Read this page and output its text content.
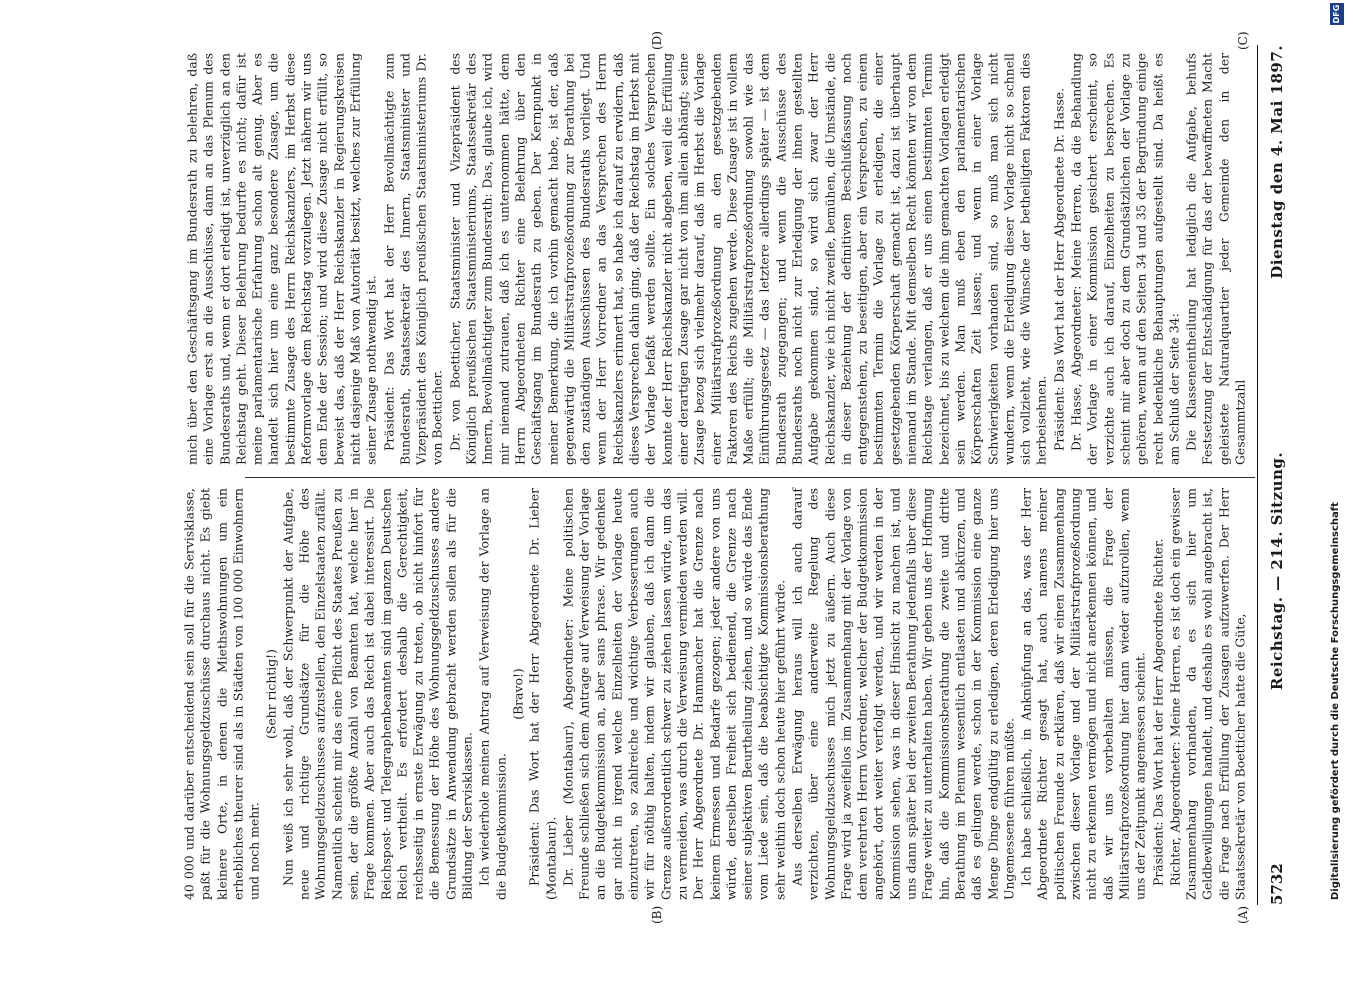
5732
Reichstag. — 214. Sitzung.
Dienstag den 4. Mai 1897.
(A)
(B)
(C)
(D)

40 000 und darüber entscheidend sein soll für die Servisklasse, paßt für die Wohnungsgeldzuschüsse durchaus nicht. Es giebt kleinere Orte, in denen die Miethswohnungen um ein erhebliches theurer sind als in Städten von 100 000 Einwohnern und noch mehr.

(Sehr richtig!) Nun weiß ich sehr wohl, daß der Schwerpunkt der Aufgabe, neue und richtige Grundsätze für die Höhe des Wohnungsgeldzuschusses aufzustellen, den Einzelstaaten zufällt. Namentlich scheint mir das eine Pflicht des Staates Preußen zu sein, der die größte Anzahl von Beamten hat, welche hier in Frage kommen. Aber auch das Reich ist dabei interessirt. Die Reichspost- und Telegraphenbeamten sind im ganzen Deutschen Reich vertheilt. Es erfordert deshalb die Gerechtigkeit, reichsseitig in ernste Erwägung zu treten, ob nicht hinfort für die Bemessung der Höhe des Wohnungsgeldzuschusses andere Grundsätze in Anwendung gebracht werden sollen als für die Bildung der Servisklassen. Ich wiederhole meinen Antrag auf Verweisung der Vorlage an die Budgetkommission.

(Bravo!) Präsident: Das Wort hat der Herr Abgeordnete Dr. Lieber (Montabaur). Dr. Lieber (Montabaur), Abgeordneter: Meine politischen Freunde schließen sich dem Antrage auf Verweisung der Vorlage an die Budgetkommission an, aber sans phrase. Wir gedenken gar nicht in irgend welche Einzelheiten der Vorlage heute einzutreten, so zahlreiche und wichtige Verbesserungen auch wir für nöthig halten, indem wir glauben, daß ich dann die Grenze außerordentlich schwer zu ziehen lassen würde, um das zu vermeiden, was durch die Verweisung vermieden werden will. Der Herr Abgeordnete Dr. Hammacher hat die Grenze nach keinem Ermessen und Bedarfe gezogen; jeder andere von uns würde, derselben Freiheit sich bedienend, die Grenze nach seiner subjektiven Beurtheilung ziehen, und so würde das Ende vom Liede sein, daß die beabsichtigte Kommissionsberathung sehr weithin doch schon heute hier geführt würde. Aus derselben Erwägung heraus will ich auch darauf verzichten, über eine anderweite Regelung des Wohnungsgeldzuschusses mich jetzt zu äußern. Auch diese Frage wird ja zweifellos im Zusammenhang mit der Vorlage von dem verehrten Herrn Vorredner, welcher der Budgetkommission angehört, dort weiter verfolgt werden, und wir werden in der Kommission sehen, was in dieser Hinsicht zu machen ist, und uns dann später bei der zweiten Berathung jedenfalls über diese Frage weiter zu unterhalten haben. Wir geben uns der Hoffnung hin, daß die Kommissionsberathung die zweite und dritte Berathung im Plenum wesentlich entlasten und abkürzen, und daß es gelingen werde, schon in der Kommission eine ganze Menge Dinge endgültig zu erledigen, deren Erledigung hier uns Ungemessene führen müßte. Ich habe schließlich, in Anknüpfung an das, was der Herr Abgeordnete Richter gesagt hat, auch namens meiner politischen Freunde zu erklären, daß wir einen Zusammenhang zwischen dieser Vorlage und der Militärstrafprozeßordnung nicht zu erkennen vermögen und nicht anerkennen können, und daß wir uns vorbehalten müssen, die Frage der Militärstrafprozeßordnung hier dann wieder aufzurollen, wenn uns der Zeitpunkt angemessen scheint. Präsident: Das Wort hat der Herr Abgeordnete Richter. Richter, Abgeordneter: Meine Herren, es ist doch ein gewisser Zusammenhang vorhanden, da es sich hier um Geldbewilligungen handelt, und deshalb es wohl angebracht ist, die Frage nach Erfüllung der Zusagen aufzuwerfen. Der Herr Staatssekretär von Boetticher hatte die Güte,

mich über den Geschäftsgang im Bundesrath zu belehren, daß eine Vorlage erst an die Ausschüsse, dann an das Plenum des Bundesraths und, wenn er dort erledigt ist, unverzüglich an den Reichstag geht. Dieser Belehrung bedurfte es nicht; dafür ist meine parlamentarische Erfahrung schon alt genug. Aber es handelt sich hier um eine ganz besondere Zusage, um die bestimmte Zusage des Herrn Reichskanzlers, im Herbst diese Reformvorlage dem Reichstag vorzulegen. Jetzt nähern wir uns dem Ende der Session; und wird diese Zusage nicht erfüllt, so beweist das, daß der Herr Reichskanzler in Regierungskreisen nicht dasjenige Maß von Autorität besitzt, welches zur Erfüllung seiner Zusage nothwendig ist. Präsident: Das Wort hat der Herr Bevollmächtigte zum Bundesrath, Staatssekretär des Innern, Staatsminister und Vizepräsident des Königlich preußischen Staatsministeriums Dr. von Boetticher. Dr. von Boetticher, Staatsminister und Vizepräsident des Königlich preußischen Staatsministeriums, Staatssekretär des Innern, Bevollmächtigter zum Bundesrath: Das, glaube ich, wird mir niemand zutrauen, daß ich es unternommen hätte, dem Herrn Abgeordneten Richter eine Belehrung über den Geschäftsgang im Bundesrath zu geben. Der Kernpunkt in meiner Bemerkung, die ich vorhin gemacht habe, ist der, daß gegenwärtig die Militärstrafprozeßordnung zur Berathung bei den zuständigen Ausschüssen des Bundesraths vorliegt. Und wenn der Herr Vorredner an das Versprechen des Herrn Reichskanzlers erinnert hat, so habe ich darauf zu erwidern, daß dieses Versprechen dahin ging, daß der Reichstag im Herbst mit der Vorlage befaßt werden sollte. Ein solches Versprechen konnte der Herr Reichskanzler nicht abgeben, weil die Erfüllung einer derartigen Zusage gar nicht von ihm allein abhängt; seine Zusage bezog sich vielmehr darauf, daß im Herbst die Vorlage einer Militärstrafprozeßordnung an den gesetzgebenden Faktoren des Reichs zugehen werde. Diese Zusage ist in vollem Maße erfüllt; die Militärstrafprozeßordnung sowohl wie das Einführungsgesetz — das letztere allerdings später — ist dem Bundesrath zugegangen; und wenn die Ausschüsse des Bundesraths noch nicht zur Erledigung der ihnen gestellten Aufgabe gekommen sind, so wird sich zwar der Herr Reichskanzler, wie ich nicht zweifle, bemühen, die Umstände, die in dieser Beziehung der definitiven Beschlußfassung noch entgegenstehen, zu beseitigen, aber ein Versprechen, zu einem bestimmten Termin die Vorlage zu erledigen, die einer gesetzgebenden Körperschaft gemacht ist, dazu ist überhaupt niemand im Stande. Mit demselben Recht könnten wir von dem Reichstage verlangen, daß er uns einen bestimmten Termin bezeichnet, bis zu welchem die ihm gemachten Vorlagen erledigt sein werden. Man muß eben den parlamentarischen Körperschaften Zeit lassen; und wenn in einer Vorlage Schwierigkeiten vorhanden sind, so muß man sich nicht wundern, wenn die Erledigung dieser Vorlage nicht so schnell sich vollzieht, wie die Wünsche der betheiligten Faktoren dies herbeisehnen. Präsident: Das Wort hat der Herr Abgeordnete Dr. Hasse. Dr. Hasse, Abgeordneter: Meine Herren, da die Behandlung der Vorlage in einer Kommission gesichert erscheint, so verzichte auch ich darauf, Einzelheiten zu besprechen. Es scheint mir aber doch zu dem Grundsätzlichen der Vorlage zu gehören, wenn auf den Seiten 34 und 35 der Begründung einige recht bedenkliche Behauptungen aufgestellt sind. Da heißt es am Schluß der Seite 34: Die Klasseneintheilung hat lediglich die Aufgabe, behufs Festsetzung der Entschädigung für das der bewaffneten Macht geleistete Naturalquartier jeder Gemeinde den in der Gesammtzahl

Digitalisierung gefördert durch die Deutsche Forschungsgemeinschaft
DFG
